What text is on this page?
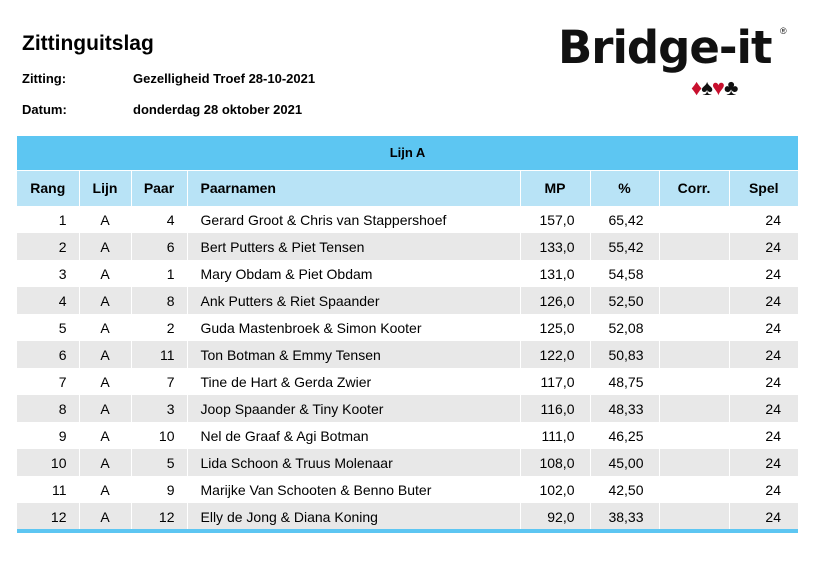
Zittinguitslag
Zitting:	Gezelligheid Troef 28-10-2021
Datum:	donderdag 28 oktober 2021
Bridge-it ®
♦♠♥♣
Lijn A							
Rang	Lijn	Paar	Paarnamen	MP	%	Corr.	Spel
1	A	4	Gerard Groot & Chris van Stappershoef	157,0	65,42		24
2	A	6	Bert Putters & Piet Tensen	133,0	55,42		24
3	A	1	Mary Obdam & Piet Obdam	131,0	54,58		24
4	A	8	Ank Putters & Riet Spaander	126,0	52,50		24
5	A	2	Guda Mastenbroek & Simon Kooter	125,0	52,08		24
6	A	11	Ton Botman & Emmy Tensen	122,0	50,83		24
7	A	7	Tine de Hart & Gerda Zwier	117,0	48,75		24
8	A	3	Joop Spaander & Tiny Kooter	116,0	48,33		24
9	A	10	Nel de Graaf & Agi Botman	111,0	46,25		24
10	A	5	Lida Schoon & Truus Molenaar	108,0	45,00		24
11	A	9	Marijke Van Schooten & Benno Buter	102,0	42,50		24
12	A	12	Elly de Jong & Diana Koning	92,0	38,33		24
